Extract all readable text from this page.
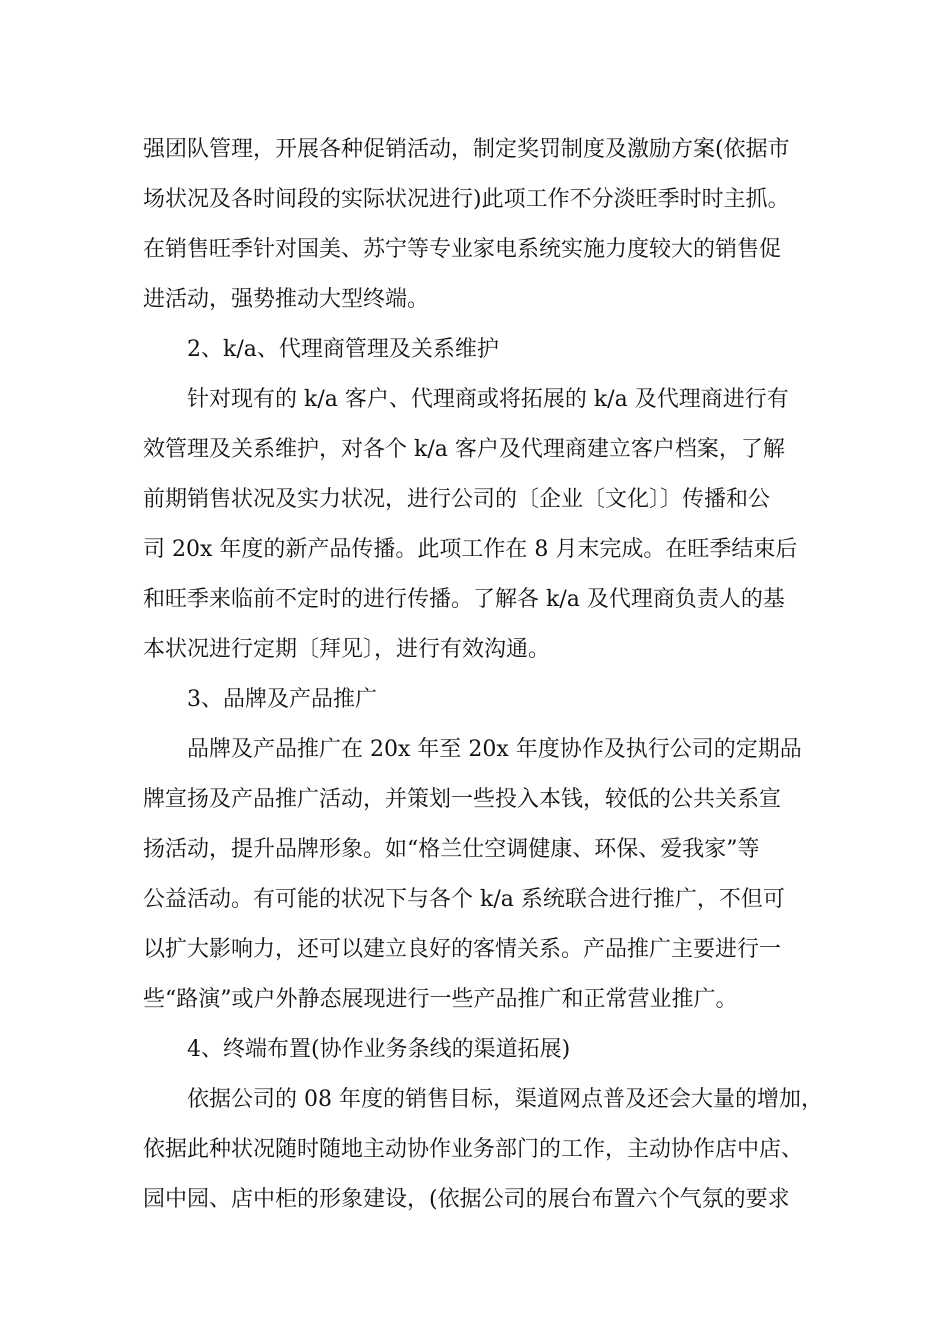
强团队管理，开展各种促销活动，制定奖罚制度及激励方案(依据市
场状况及各时间段的实际状况进行)此项工作不分淡旺季时时主抓。
在销售旺季针对国美、苏宁等专业家电系统实施力度较大的销售促
进活动，强势推动大型终端。
2、k/a、代理商管理及关系维护
针对现有的 k/a 客户、代理商或将拓展的 k/a 及代理商进行有
效管理及关系维护，对各个 k/a 客户及代理商建立客户档案，了解
前期销售状况及实力状况，进行公司的〔企业〔文化〕〕传播和公
司 20x 年度的新产品传播。此项工作在 8 月末完成。在旺季结束后
和旺季来临前不定时的进行传播。了解各 k/a 及代理商负责人的基
本状况进行定期〔拜见〕，进行有效沟通。
3、品牌及产品推广
品牌及产品推广在 20x 年至 20x 年度协作及执行公司的定期品
牌宣扬及产品推广活动，并策划一些投入本钱，较低的公共关系宣
扬活动，提升品牌形象。如“格兰仕空调健康、环保、爱我家”等
公益活动。有可能的状况下与各个 k/a 系统联合进行推广，不但可
以扩大影响力，还可以建立良好的客情关系。产品推广主要进行一
些“路演”或户外静态展现进行一些产品推广和正常营业推广。
4、终端布置(协作业务条线的渠道拓展)
依据公司的 08 年度的销售目标，渠道网点普及还会大量的增加，
依据此种状况随时随地主动协作业务部门的工作，主动协作店中店、
园中园、店中柜的形象建设，(依据公司的展台布置六个气氛的要求
